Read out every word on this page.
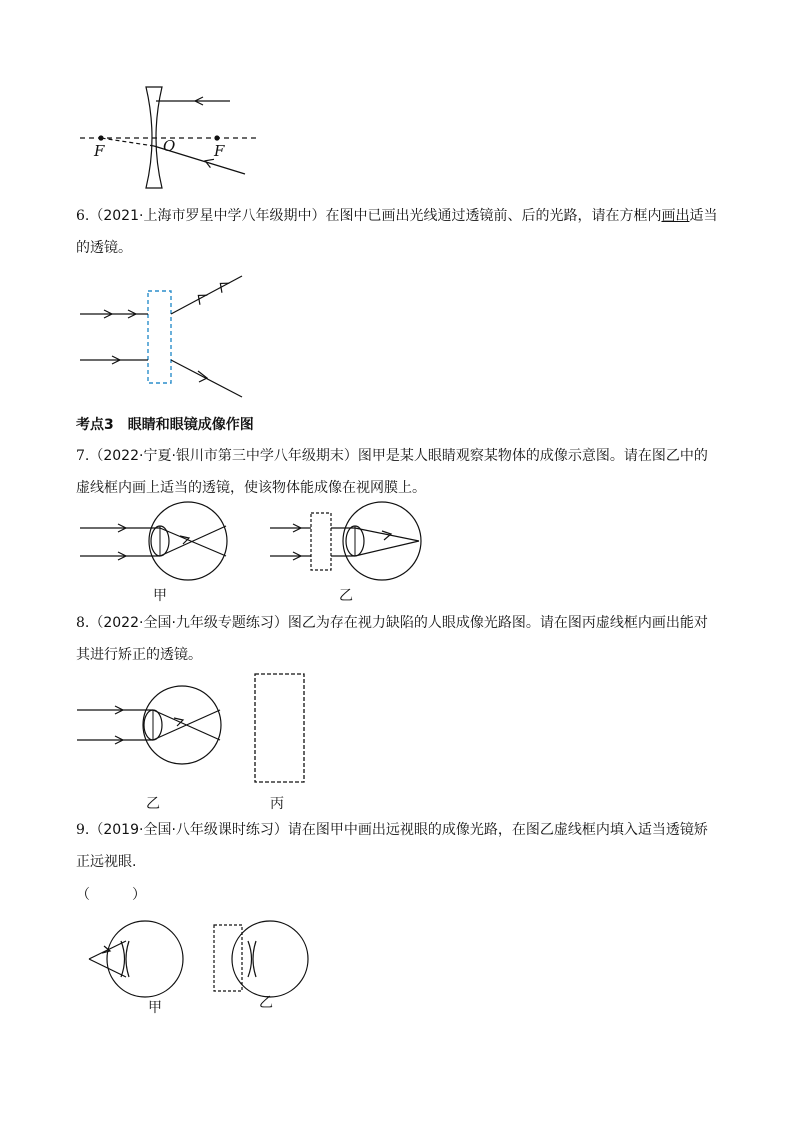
F	O	F
6.（2021·上海市罗星中学八年级期中）在图中已画出光线通过透镜前、后的光路，请在方框内画出适当的透镜。
考点3　眼睛和眼镜成像作图
7.（2022·宁夏·银川市第三中学八年级期末）图甲是某人眼睛观察某物体的成像示意图。请在图乙中的虚线框内画上适当的透镜，使该物体能成像在视网膜上。
甲	乙
8.（2022·全国·九年级专题练习）图乙为存在视力缺陷的人眼成像光路图。请在图丙虚线框内画出能对其进行矫正的透镜。
乙	丙
9.（2019·全国·八年级课时练习）请在图甲中画出远视眼的成像光路，在图乙虚线框内填入适当透镜矫正远视眼.
（　　　）
甲	乙
